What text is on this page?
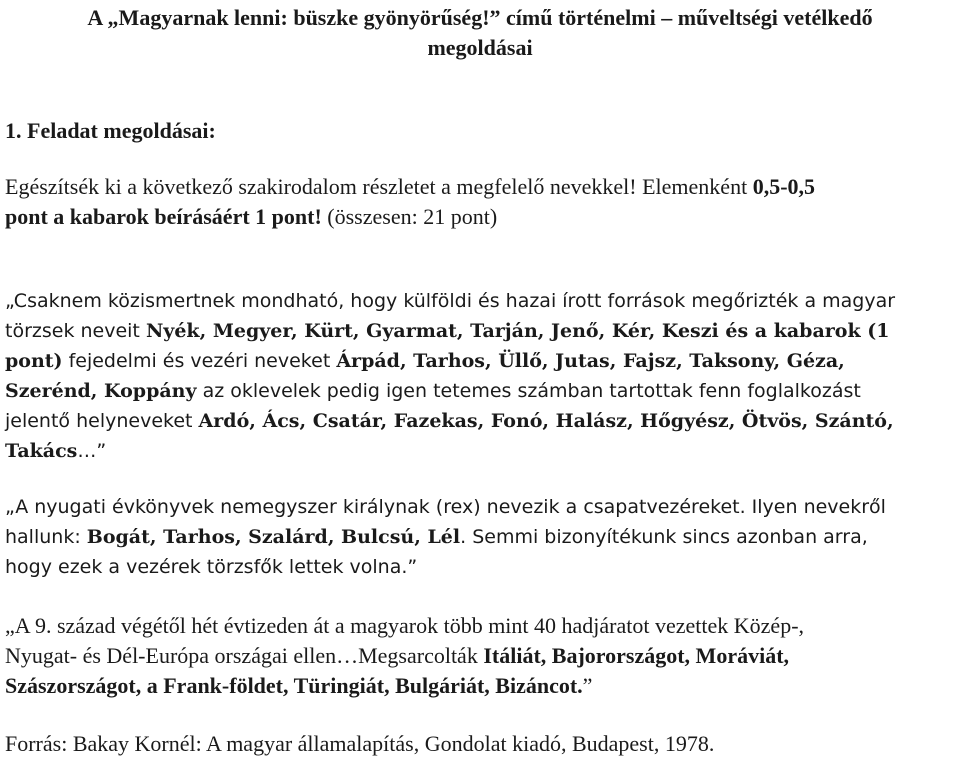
A „Magyarnak lenni: büszke gyönyörűség!” című történelmi – műveltségi vetélkedő
megoldásai
1. Feladat megoldásai:
Egészítsék ki a következő szakirodalom részletet a megfelelő nevekkel! Elemenként 0,5-0,5
pont a kabarok beírásáért 1 pont! (összesen: 21 pont)
„Csaknem közismertnek mondható, hogy külföldi és hazai írott források megőrizték a magyar
törzsek neveit Nyék, Megyer, Kürt, Gyarmat, Tarján, Jenő, Kér, Keszi és a kabarok (1
pont) fejedelmi és vezéri neveket Árpád, Tarhos, Üllő, Jutas, Fajsz, Taksony, Géza,
Szerénd, Koppány az oklevelek pedig igen tetemes számban tartottak fenn foglalkozást
jelentő helyneveket Ardó, Ács, Csatár, Fazekas, Fonó, Halász, Hőgyész, Ötvös, Szántó,
Takács…”
„A nyugati évkönyvek nemegyszer királynak (rex) nevezik a csapatvezéreket. Ilyen nevekről
hallunk: Bogát, Tarhos, Szalárd, Bulcsú, Lél. Semmi bizonyítékunk sincs azonban arra,
hogy ezek a vezérek törzsfők lettek volna.”
„A 9. század végétől hét évtizeden át a magyarok több mint 40 hadjáratot vezettek Közép-,
Nyugat- és Dél-Európa országai ellen…Megsarcolták Itáliát, Bajorországot, Moráviát,
Szászországot, a Frank-földet, Türingiát, Bulgáriát, Bizáncot.”
Forrás: Bakay Kornél: A magyar államalapítás, Gondolat kiadó, Budapest, 1978.
